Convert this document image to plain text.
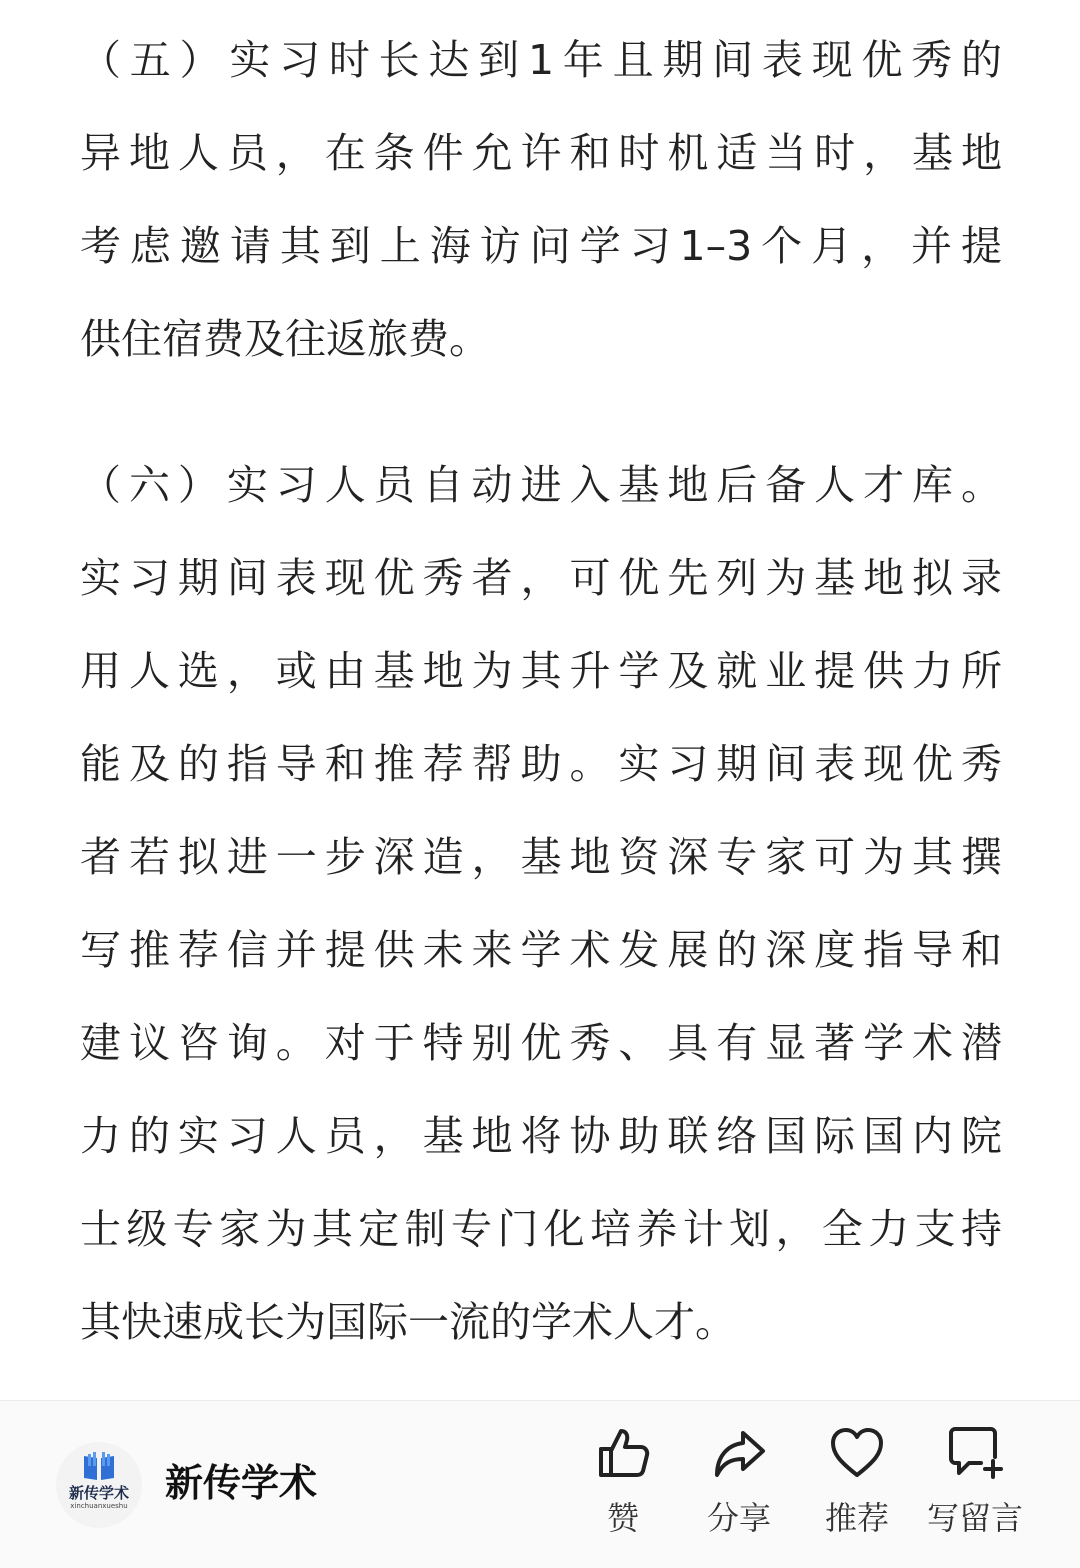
（五）实习时长达到1年且期间表现优秀的
异地人员，在条件允许和时机适当时，基地
考虑邀请其到上海访问学习1–3个月，并提
供住宿费及往返旅费。
（六）实习人员自动进入基地后备人才库。
实习期间表现优秀者，可优先列为基地拟录
用人选，或由基地为其升学及就业提供力所
能及的指导和推荐帮助。实习期间表现优秀
者若拟进一步深造，基地资深专家可为其撰
写推荐信并提供未来学术发展的深度指导和
建议咨询。对于特别优秀、具有显著学术潜
力的实习人员，基地将协助联络国际国内院
士级专家为其定制专门化培养计划，全力支持
其快速成长为国际一流的学术人才。
新传学术
xinchuanxueshu
新传学术
赞	分享	推荐	写留言
